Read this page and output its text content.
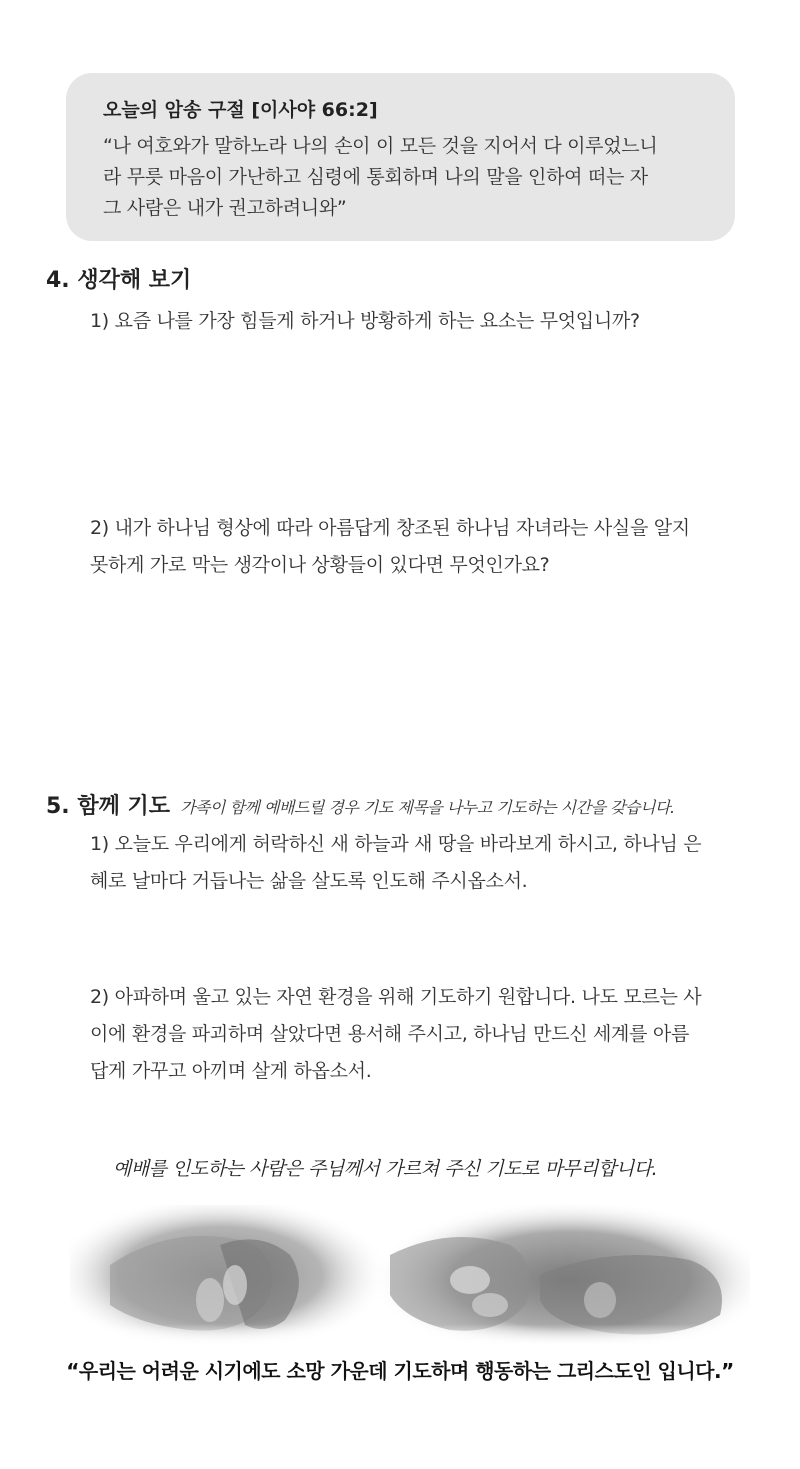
오늘의 암송 구절 [이사야 66:2]
“나 여호와가 말하노라 나의 손이 이 모든 것을 지어서 다 이루었느니
라 무릇 마음이 가난하고 심령에 통회하며 나의 말을 인하여 떠는 자
그 사람은 내가 권고하려니와”
4. 생각해 보기
1) 요즘 나를 가장 힘들게 하거나 방황하게 하는 요소는 무엇입니까?
2) 내가 하나님 형상에 따라 아름답게 창조된 하나님 자녀라는 사실을 알지
못하게 가로 막는 생각이나 상황들이 있다면 무엇인가요?
5. 함께 기도 가족이 함께 예배드릴 경우 기도 제목을 나누고 기도하는 시간을 갖습니다.
1) 오늘도 우리에게 허락하신 새 하늘과 새 땅을 바라보게 하시고, 하나님 은
혜로 날마다 거듭나는 삶을 살도록 인도해 주시옵소서.
2) 아파하며 울고 있는 자연 환경을 위해 기도하기 원합니다. 나도 모르는 사
이에 환경을 파괴하며 살았다면 용서해 주시고, 하나님 만드신 세계를 아름
답게 가꾸고 아끼며 살게 하옵소서.
예배를 인도하는 사람은 주님께서 가르쳐 주신 기도로 마무리합니다.
“우리는 어려운 시기에도 소망 가운데 기도하며 행동하는 그리스도인 입니다.”
